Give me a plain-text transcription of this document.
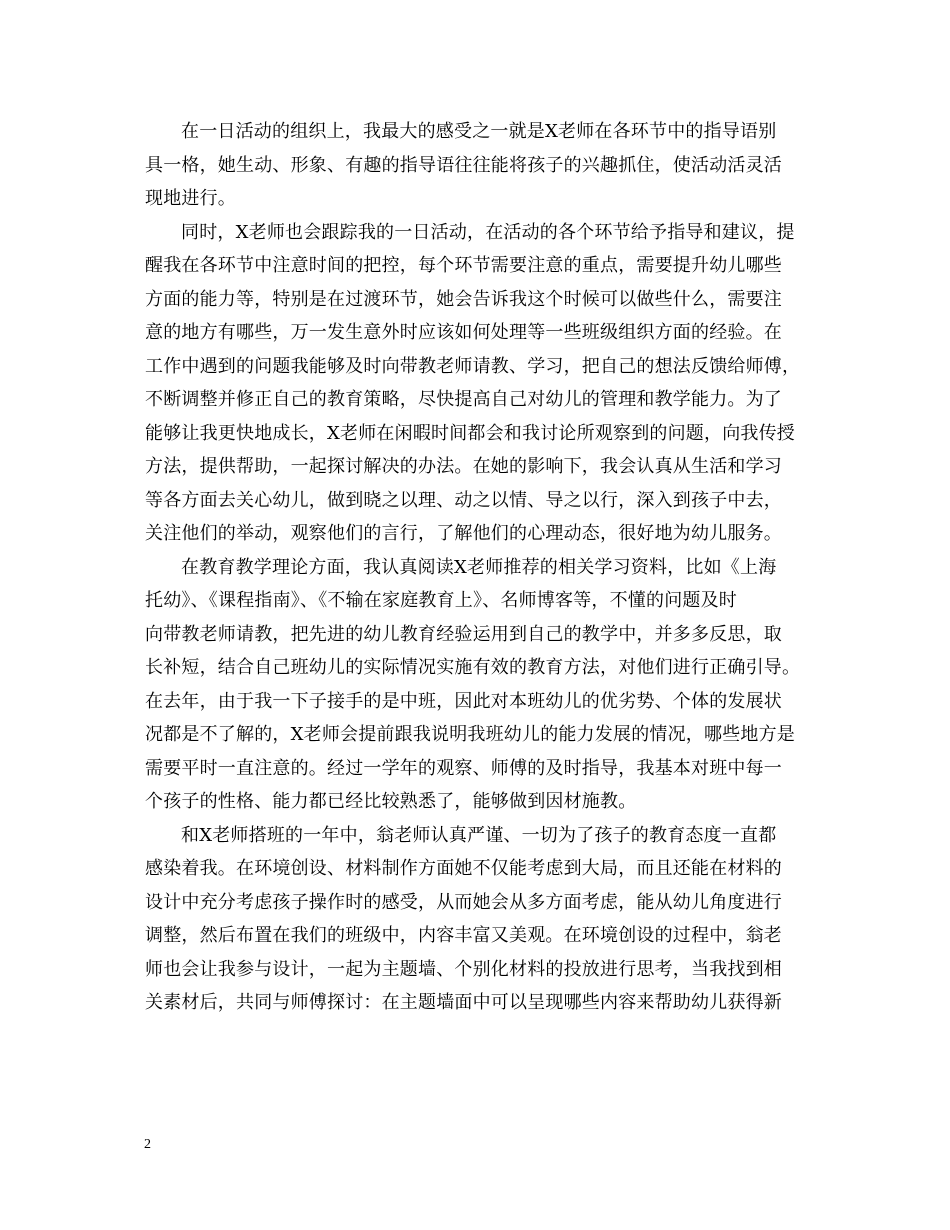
在一日活动的组织上，我最大的感受之一就是X老师在各环节中的指导语别
具一格，她生动、形象、有趣的指导语往往能将孩子的兴趣抓住，使活动活灵活
现地进行。

同时，X老师也会跟踪我的一日活动，在活动的各个环节给予指导和建议，提
醒我在各环节中注意时间的把控，每个环节需要注意的重点，需要提升幼儿哪些
方面的能力等，特别是在过渡环节，她会告诉我这个时候可以做些什么，需要注
意的地方有哪些，万一发生意外时应该如何处理等一些班级组织方面的经验。在
工作中遇到的问题我能够及时向带教老师请教、学习，把自己的想法反馈给师傅，
不断调整并修正自己的教育策略，尽快提高自己对幼儿的管理和教学能力。为了
能够让我更快地成长，X老师在闲暇时间都会和我讨论所观察到的问题，向我传授
方法，提供帮助，一起探讨解决的办法。在她的影响下，我会认真从生活和学习
等各方面去关心幼儿，做到晓之以理、动之以情、导之以行，深入到孩子中去，
关注他们的举动，观察他们的言行，了解他们的心理动态，很好地为幼儿服务。

在教育教学理论方面，我认真阅读X老师推荐的相关学习资料，比如《上海
托幼》、《课程指南》、《不输在家庭教育上》、名师博客等，不懂的问题及时
向带教老师请教，把先进的幼儿教育经验运用到自己的教学中，并多多反思，取
长补短，结合自己班幼儿的实际情况实施有效的教育方法，对他们进行正确引导。
在去年，由于我一下子接手的是中班，因此对本班幼儿的优劣势、个体的发展状
况都是不了解的，X老师会提前跟我说明我班幼儿的能力发展的情况，哪些地方是
需要平时一直注意的。经过一学年的观察、师傅的及时指导，我基本对班中每一
个孩子的性格、能力都已经比较熟悉了，能够做到因材施教。

和X老师搭班的一年中，翁老师认真严谨、一切为了孩子的教育态度一直都
感染着我。在环境创设、材料制作方面她不仅能考虑到大局，而且还能在材料的
设计中充分考虑孩子操作时的感受，从而她会从多方面考虑，能从幼儿角度进行
调整，然后布置在我们的班级中，内容丰富又美观。在环境创设的过程中，翁老
师也会让我参与设计，一起为主题墙、个别化材料的投放进行思考，当我找到相
关素材后，共同与师傅探讨：在主题墙面中可以呈现哪些内容来帮助幼儿获得新

2
